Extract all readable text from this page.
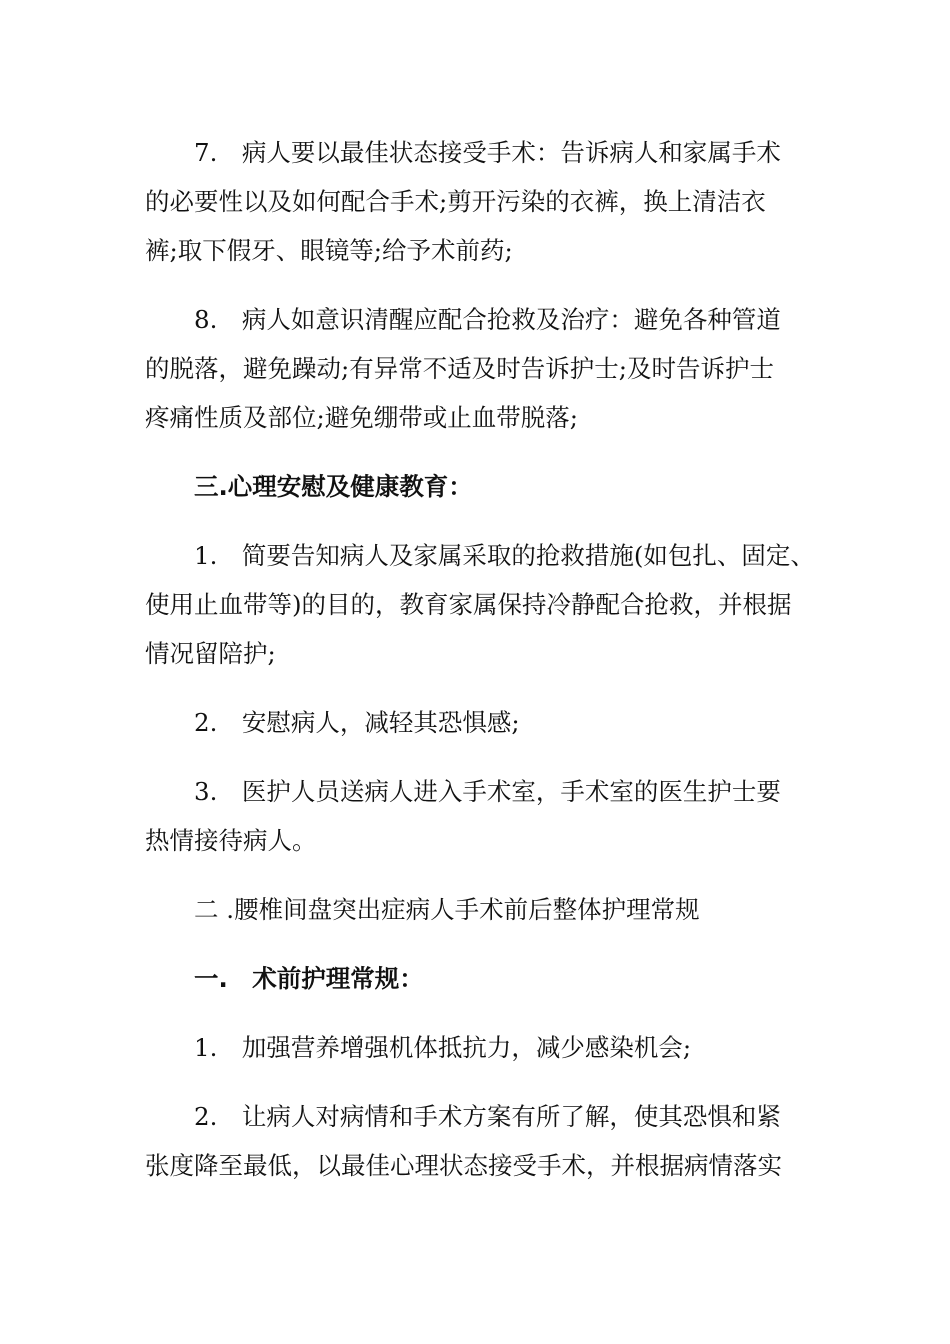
7.　病人要以最佳状态接受手术：告诉病人和家属手术
的必要性以及如何配合手术;剪开污染的衣裤，换上清洁衣
裤;取下假牙、眼镜等;给予术前药;
8.　病人如意识清醒应配合抢救及治疗：避免各种管道
的脱落，避免躁动;有异常不适及时告诉护士;及时告诉护士
疼痛性质及部位;避免绷带或止血带脱落;
三.心理安慰及健康教育：
1.　简要告知病人及家属采取的抢救措施(如包扎、固定、
使用止血带等)的目的，教育家属保持冷静配合抢救，并根据
情况留陪护;
2.　安慰病人，减轻其恐惧感;
3.　医护人员送病人进入手术室，手术室的医生护士要
热情接待病人。
二 .腰椎间盘突出症病人手术前后整体护理常规
一.　术前护理常规：
1.　加强营养增强机体抵抗力，减少感染机会;
2.　让病人对病情和手术方案有所了解，使其恐惧和紧
张度降至最低，以最佳心理状态接受手术，并根据病情落实
